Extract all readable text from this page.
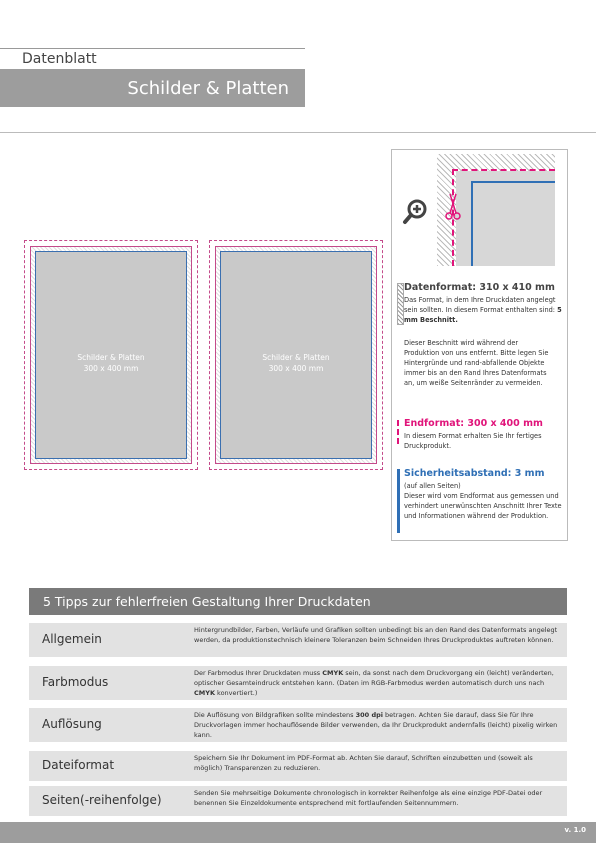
Datenblatt
Schilder & Platten
Schilder & Platten
300 x 400 mm
Schilder & Platten
300 x 400 mm
Datenformat: 310 x 410 mm
Das Format, in dem Ihre Druckdaten angelegt sein sollten. In diesem Format enthalten sind: 5 mm Beschnitt.
Dieser Beschnitt wird während der Produktion von uns entfernt. Bitte legen Sie Hintergründe und rand-abfallende Objekte immer bis an den Rand Ihres Datenformats an, um weiße Seitenränder zu vermeiden.
Endformat: 300 x 400 mm
In diesem Format erhalten Sie Ihr fertiges Druckprodukt.
Sicherheitsabstand: 3 mm
(auf allen Seiten)
Dieser wird vom Endformat aus gemessen und verhindert unerwünschten Anschnitt Ihrer Texte und Informationen während der Produktion.
5 Tipps zur fehlerfreien Gestaltung Ihrer Druckdaten
Allgemein
Hintergrundbilder, Farben, Verläufe und Grafiken sollten unbedingt bis an den Rand des Datenformats angelegt werden, da produktionstechnisch kleinere Toleranzen beim Schneiden Ihres Druckproduktes auftreten können.
Farbmodus
Der Farbmodus Ihrer Druckdaten muss CMYK sein, da sonst nach dem Druckvorgang ein (leicht) veränderten, optischer Gesamteindruck entstehen kann. (Daten im RGB-Farbmodus werden automatisch durch uns nach CMYK konvertiert.)
Auflösung
Die Auflösung von Bildgrafiken sollte mindestens 300 dpi betragen. Achten Sie darauf, dass Sie für Ihre Druckvorlagen immer hochauflösende Bilder verwenden, da Ihr Druckprodukt andernfalls (leicht) pixelig wirken kann.
Dateiformat	Speichern Sie Ihr Dokument im PDF-Format ab. Achten Sie darauf, Schriften einzubetten und (soweit als möglich) Transparenzen zu reduzieren.
Seiten(-reihenfolge)	Senden Sie mehrseitige Dokumente chronologisch in korrekter Reihenfolge als eine einzige PDF-Datei oder benennen Sie Einzeldokumente entsprechend mit fortlaufenden Seitennummern.
v. 1.0
